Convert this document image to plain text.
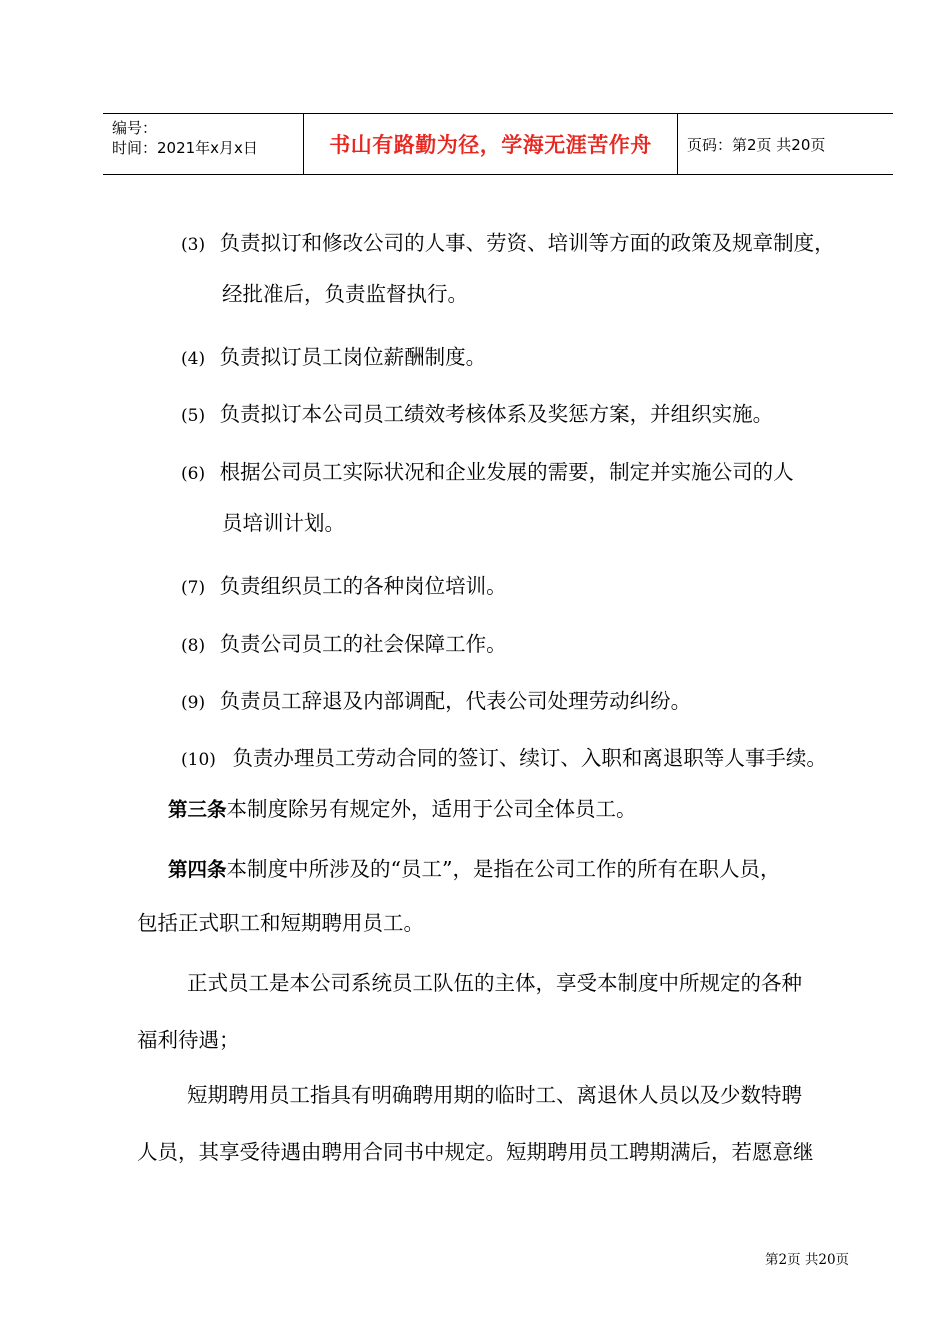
编号：
时间：2021年x月x日	书山有路勤为径，学海无涯苦作舟	页码：第2页 共20页
(3) 负责拟订和修改公司的人事、劳资、培训等方面的政策及规章制度，
经批准后，负责监督执行。
(4) 负责拟订员工岗位薪酬制度。
(5) 负责拟订本公司员工绩效考核体系及奖惩方案，并组织实施。
(6) 根据公司员工实际状况和企业发展的需要，制定并实施公司的人
员培训计划。
(7) 负责组织员工的各种岗位培训。
(8) 负责公司员工的社会保障工作。
(9) 负责员工辞退及内部调配，代表公司处理劳动纠纷。
(10) 负责办理员工劳动合同的签订、续订、入职和离退职等人事手续。
第三条本制度除另有规定外，适用于公司全体员工。
第四条本制度中所涉及的“员工”，是指在公司工作的所有在职人员，
包括正式职工和短期聘用员工。
正式员工是本公司系统员工队伍的主体，享受本制度中所规定的各种
福利待遇；
短期聘用员工指具有明确聘用期的临时工、离退休人员以及少数特聘
人员，其享受待遇由聘用合同书中规定。短期聘用员工聘期满后，若愿意继
第2页 共20页
